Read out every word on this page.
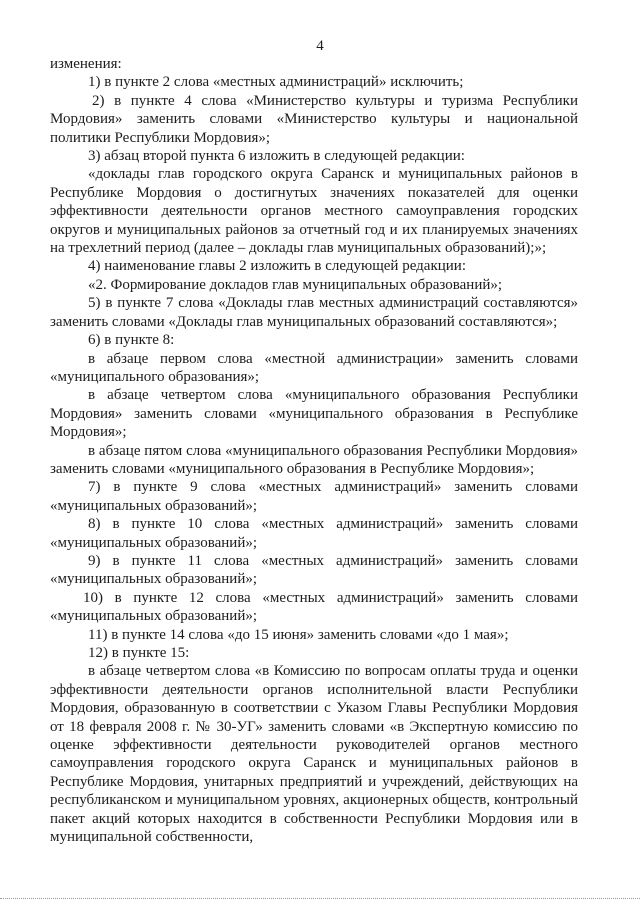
4

изменения:

1) в пункте 2 слова «местных администраций» исключить;

2) в пункте 4 слова «Министерство культуры и туризма Республики Мордовия» заменить словами «Министерство культуры и национальной политики Республики Мордовия»;

3) абзац второй пункта 6 изложить в следующей редакции:

«доклады глав городского округа Саранск и муниципальных районов в Республике Мордовия о достигнутых значениях показателей для оценки эффективности деятельности органов местного самоуправления городских округов и муниципальных районов за отчетный год и их планируемых значениях на трехлетний период (далее – доклады глав муниципальных образований);»;

4) наименование главы 2 изложить в следующей редакции:

«2. Формирование докладов глав муниципальных образований»;

5) в пункте 7 слова «Доклады глав местных администраций составляются» заменить словами «Доклады глав муниципальных образований составляются»;

6) в пункте 8:

в абзаце первом слова «местной администрации» заменить словами «муниципального образования»;

в абзаце четвертом слова «муниципального образования Республики Мордовия» заменить словами «муниципального образования в Республике Мордовия»;

в абзаце пятом слова «муниципального образования Республики Мордовия» заменить словами «муниципального образования в Республике Мордовия»;

7) в пункте 9 слова «местных администраций» заменить словами «муниципальных образований»;

8) в пункте 10 слова «местных администраций» заменить словами «муниципальных образований»;

9) в пункте 11 слова «местных администраций» заменить словами «муниципальных образований»;

10) в пункте 12 слова «местных администраций» заменить словами «муниципальных образований»;

11) в пункте 14 слова «до 15 июня» заменить словами «до 1 мая»;

12) в пункте 15:

в абзаце четвертом слова «в Комиссию по вопросам оплаты труда и оценки эффективности деятельности органов исполнительной власти Республики Мордовия, образованную в соответствии с Указом Главы Республики Мордовия от 18 февраля 2008 г. № 30-УГ» заменить словами «в Экспертную комиссию по оценке эффективности деятельности руководителей органов местного самоуправления городского округа Саранск и муниципальных районов в Республике Мордовия, унитарных предприятий и учреждений, действующих на республиканском и муниципальном уровнях, акционерных обществ, контрольный пакет акций которых находится в собственности Республики Мордовия или в муниципальной собственности,
